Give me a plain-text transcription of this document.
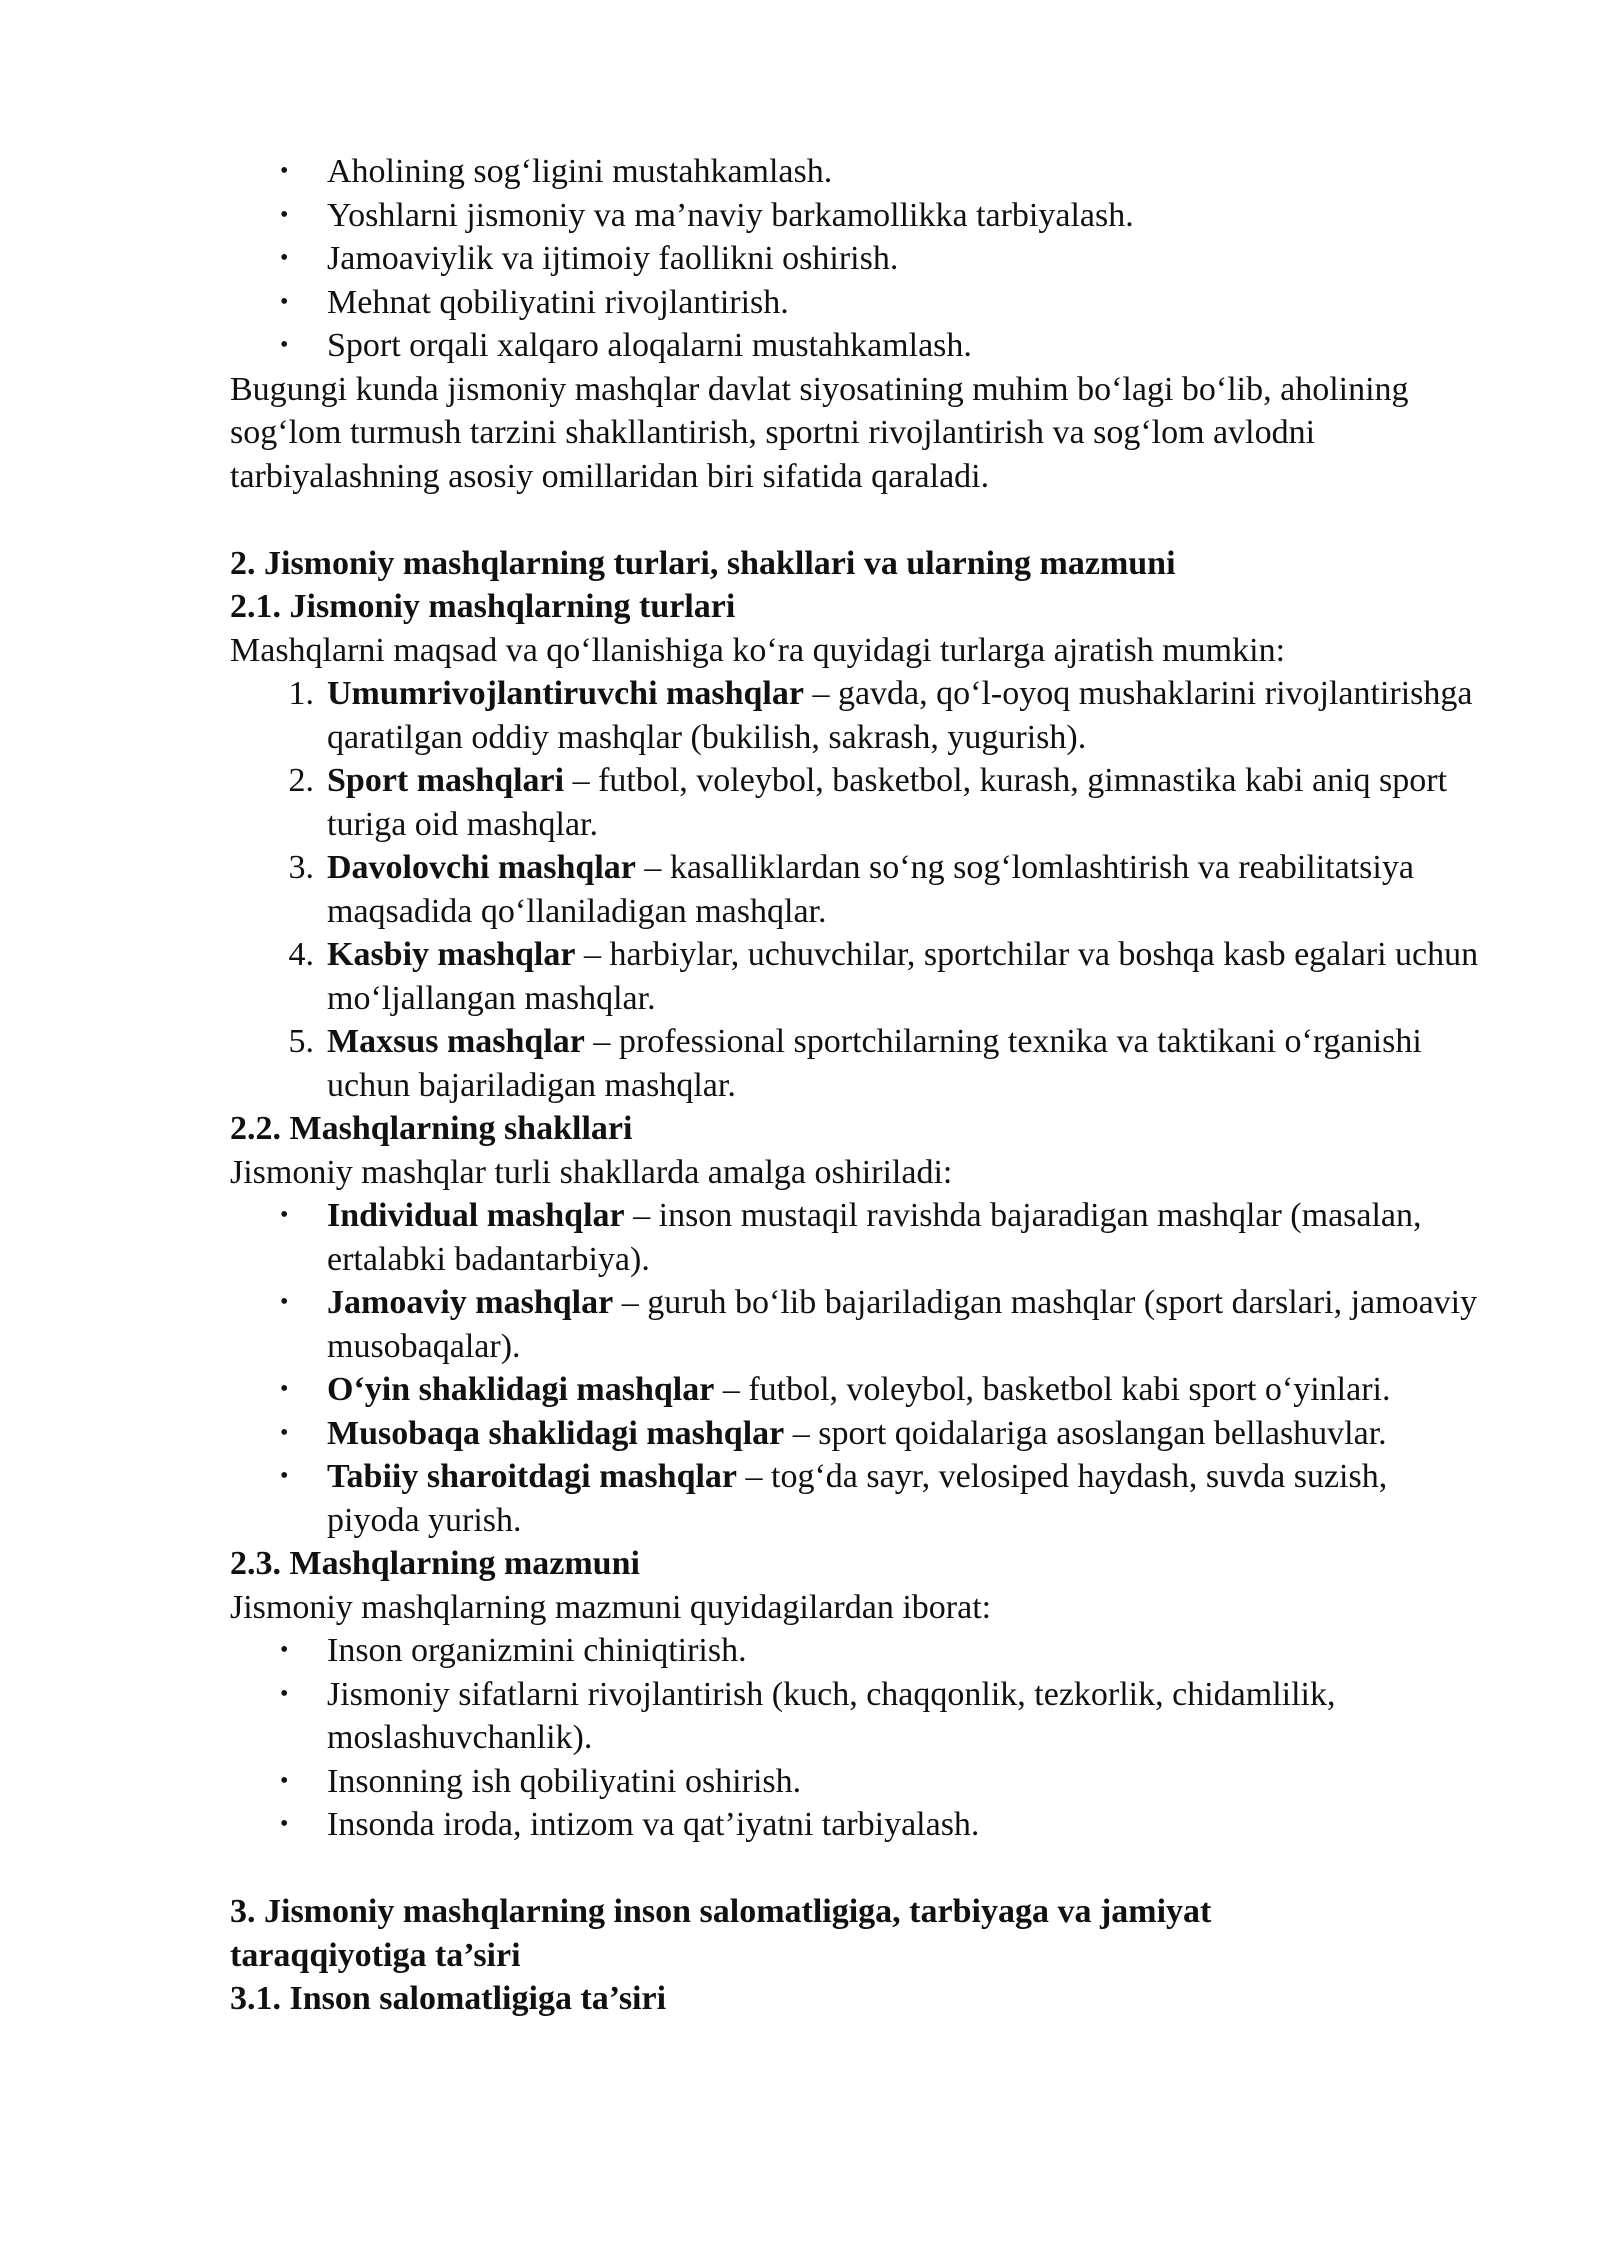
• Aholining sog‘ligini mustahkamlash.
• Yoshlarni jismoniy va ma’naviy barkamollikka tarbiyalash.
• Jamoaviylik va ijtimoiy faollikni oshirish.
• Mehnat qobiliyatini rivojlantirish.
• Sport orqali xalqaro aloqalarni mustahkamlash.

Bugungi kunda jismoniy mashqlar davlat siyosatining muhim bo‘lagi bo‘lib, aholining sog‘lom turmush tarzini shakllantirish, sportni rivojlantirish va sog‘lom avlodni tarbiyalashning asosiy omillaridan biri sifatida qaraladi.

2. Jismoniy mashqlarning turlari, shakllari va ularning mazmuni
2.1. Jismoniy mashqlarning turlari

Mashqlarni maqsad va qo‘llanishiga ko‘ra quyidagi turlarga ajratish mumkin:

1. Umumrivojlantiruvchi mashqlar – gavda, qo‘l-oyoq mushaklarini rivojlantirishga qaratilgan oddiy mashqlar (bukilish, sakrash, yugurish).
2. Sport mashqlari – futbol, voleybol, basketbol, kurash, gimnastika kabi aniq sport turiga oid mashqlar.
3. Davolovchi mashqlar – kasalliklardan so‘ng sog‘lomlashtirish va reabilitatsiya maqsadida qo‘llaniladigan mashqlar.
4. Kasbiy mashqlar – harbiylar, uchuvchilar, sportchilar va boshqa kasb egalari uchun mo‘ljallangan mashqlar.
5. Maxsus mashqlar – professional sportchilarning texnika va taktikani o‘rganishi uchun bajariladigan mashqlar.
2.2. Mashqlarning shakllari

Jismoniy mashqlar turli shakllarda amalga oshiriladi:

• Individual mashqlar – inson mustaqil ravishda bajaradigan mashqlar (masalan, ertalabki badantarbiya).
• Jamoaviy mashqlar – guruh bo‘lib bajariladigan mashqlar (sport darslari, jamoaviy musobaqalar).
• O‘yin shaklidagi mashqlar – futbol, voleybol, basketbol kabi sport o‘yinlari.
• Musobaqa shaklidagi mashqlar – sport qoidalariga asoslangan bellashuvlar.
• Tabiiy sharoitdagi mashqlar – tog‘da sayr, velosiped haydash, suvda suzish, piyoda yurish.
2.3. Mashqlarning mazmuni

Jismoniy mashqlarning mazmuni quyidagilardan iborat:

• Inson organizmini chiniqtirish.
• Jismoniy sifatlarni rivojlantirish (kuch, chaqqonlik, tezkorlik, chidamlilik, moslashuvchanlik).
• Insonning ish qobiliyatini oshirish.
• Insonda iroda, intizom va qat’iyatni tarbiyalash.
3. Jismoniy mashqlarning inson salomatligiga, tarbiyaga va jamiyat
taraqqiyotiga ta’siri
3.1. Inson salomatligiga ta’siri
